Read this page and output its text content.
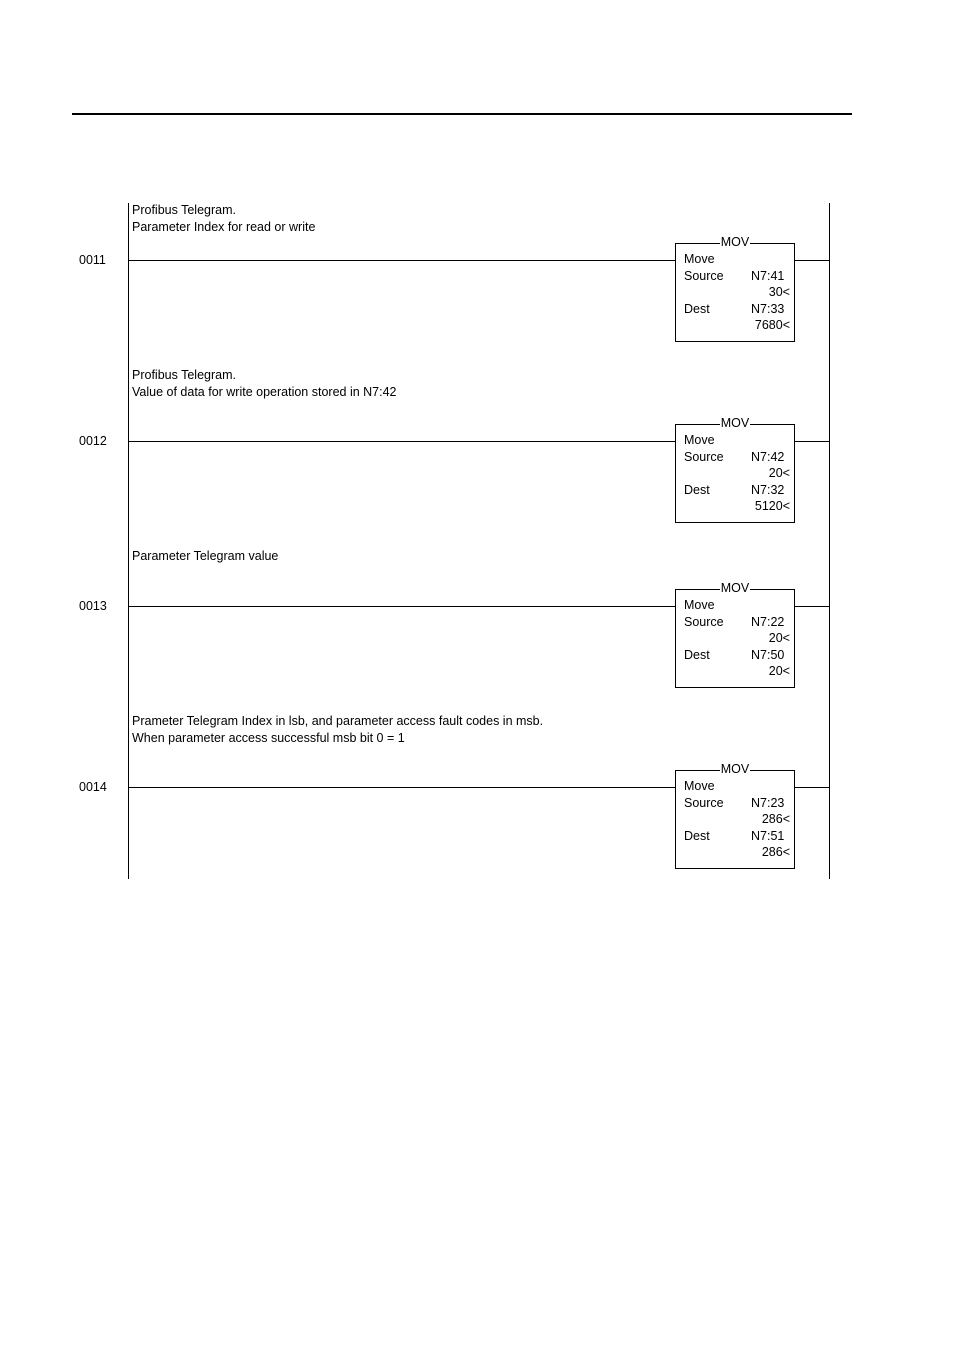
Profibus Telegram.
Parameter Index for read or write
0011
MOV
Move
Source N7:41
30<
Dest	N7:33
7680<
Profibus Telegram.
Value of data for write operation stored in N7:42
0012
MOV
Move
Source N7:42
20<
Dest	N7:32
5120<
Parameter Telegram value
0013
MOV
Move
Source N7:22
20<
Dest	N7:50
20<
Prameter Telegram Index in lsb, and parameter access fault codes in msb.
When parameter access successful msb bit 0 = 1
0014
MOV
Move
Source N7:23
286<
Dest	N7:51
286<
